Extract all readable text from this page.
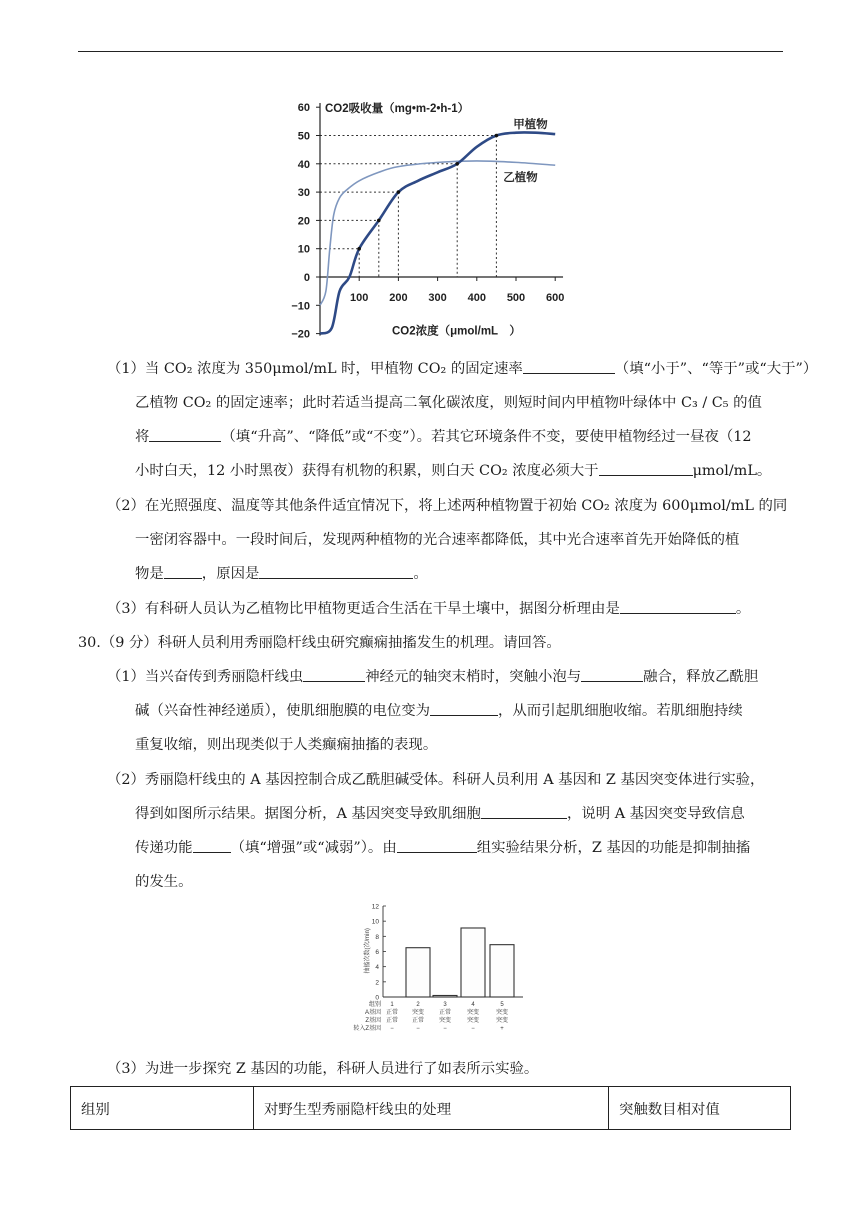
60
50
40
30
20
10
0
−10
−20
100 200 300 400 500 600
CO2吸收量（mg•m-2•h-1）
甲植物
乙植物
CO2浓度（μmol/mL　）

（1）当 CO₂ 浓度为 350μmol/mL 时，甲植物 CO₂ 的固定速率	（填“小于”、“等于”或“大于”）

乙植物 CO₂ 的固定速率；此时若适当提高二氧化碳浓度，则短时间内甲植物叶绿体中 C₃ / C₅ 的值

将	（填“升高”、“降低”或“不变”）。若其它环境条件不变，要使甲植物经过一昼夜（12

小时白天，12 小时黑夜）获得有机物的积累，则白天 CO₂ 浓度必须大于	μmol/mL。

（2）在光照强度、温度等其他条件适宜情况下，将上述两种植物置于初始 CO₂ 浓度为 600μmol/mL 的同

一密闭容器中。一段时间后，发现两种植物的光合速率都降低，其中光合速率首先开始降低的植

物是	，原因是	。

（3）有科研人员认为乙植物比甲植物更适合生活在干旱土壤中，据图分析理由是	。

30.（9 分）科研人员利用秀丽隐杆线虫研究癫痫抽搐发生的机理。请回答。

（1）当兴奋传到秀丽隐杆线虫	神经元的轴突末梢时，突触小泡与	融合，释放乙酰胆

碱（兴奋性神经递质），使肌细胞膜的电位变为	，从而引起肌细胞收缩。若肌细胞持续

重复收缩，则出现类似于人类癫痫抽搐的表现。

（2）秀丽隐杆线虫的 A 基因控制合成乙酰胆碱受体。科研人员利用 A 基因和 Z 基因突变体进行实验，

得到如图所示结果。据图分析，A 基因突变导致肌细胞	，说明 A 基因突变导致信息

传递功能	（填“增强”或“减弱”）。由	组实验结果分析，Z 基因的功能是抑制抽搐

的发生。

（3）为进一步探究 Z 基因的功能，科研人员进行了如表所示实验。

12
10
8
6
4
2
0
抽搐次数(次/min)
组别
A基因
Z基因
转入Z基因
1
正常
正常
−
2
突变
正常
−
3
正常
突变
−
4
突变
突变
−
5
突变
突变
+
组别	对野生型秀丽隐杆线虫的处理	突触数目相对值
